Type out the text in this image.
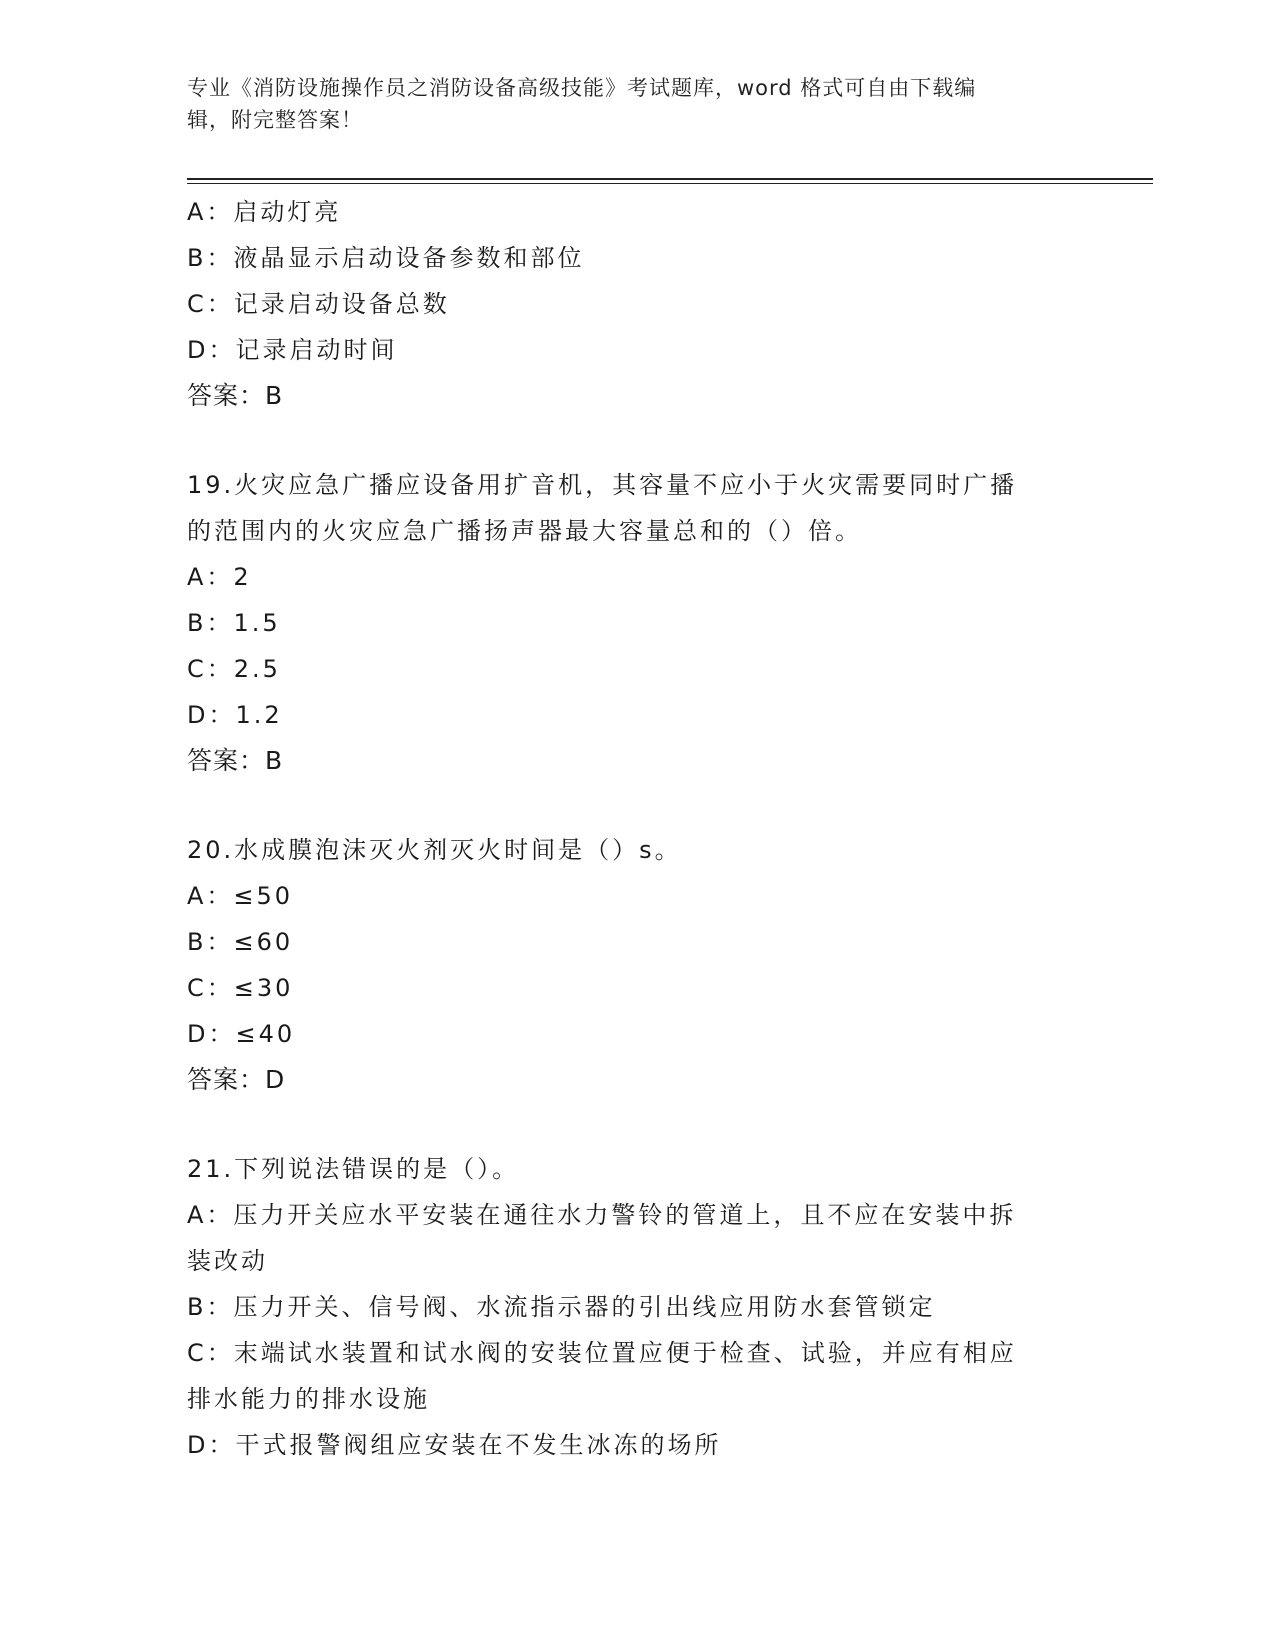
专业《消防设施操作员之消防设备高级技能》考试题库，word 格式可自由下载编
辑，附完整答案！
A：启动灯亮
B：液晶显示启动设备参数和部位
C：记录启动设备总数
D：记录启动时间
答案：B
19.火灾应急广播应设备用扩音机，其容量不应小于火灾需要同时广播
的范围内的火灾应急广播扬声器最大容量总和的（）倍。
A：2
B：1.5
C：2.5
D：1.2
答案：B
20.水成膜泡沫灭火剂灭火时间是（）s。
A：≤50
B：≤60
C：≤30
D：≤40
答案：D
21.下列说法错误的是（）。
A：压力开关应水平安装在通往水力警铃的管道上，且不应在安装中拆
装改动
B：压力开关、信号阀、水流指示器的引出线应用防水套管锁定
C：末端试水装置和试水阀的安装位置应便于检查、试验，并应有相应
排水能力的排水设施
D：干式报警阀组应安装在不发生冰冻的场所
